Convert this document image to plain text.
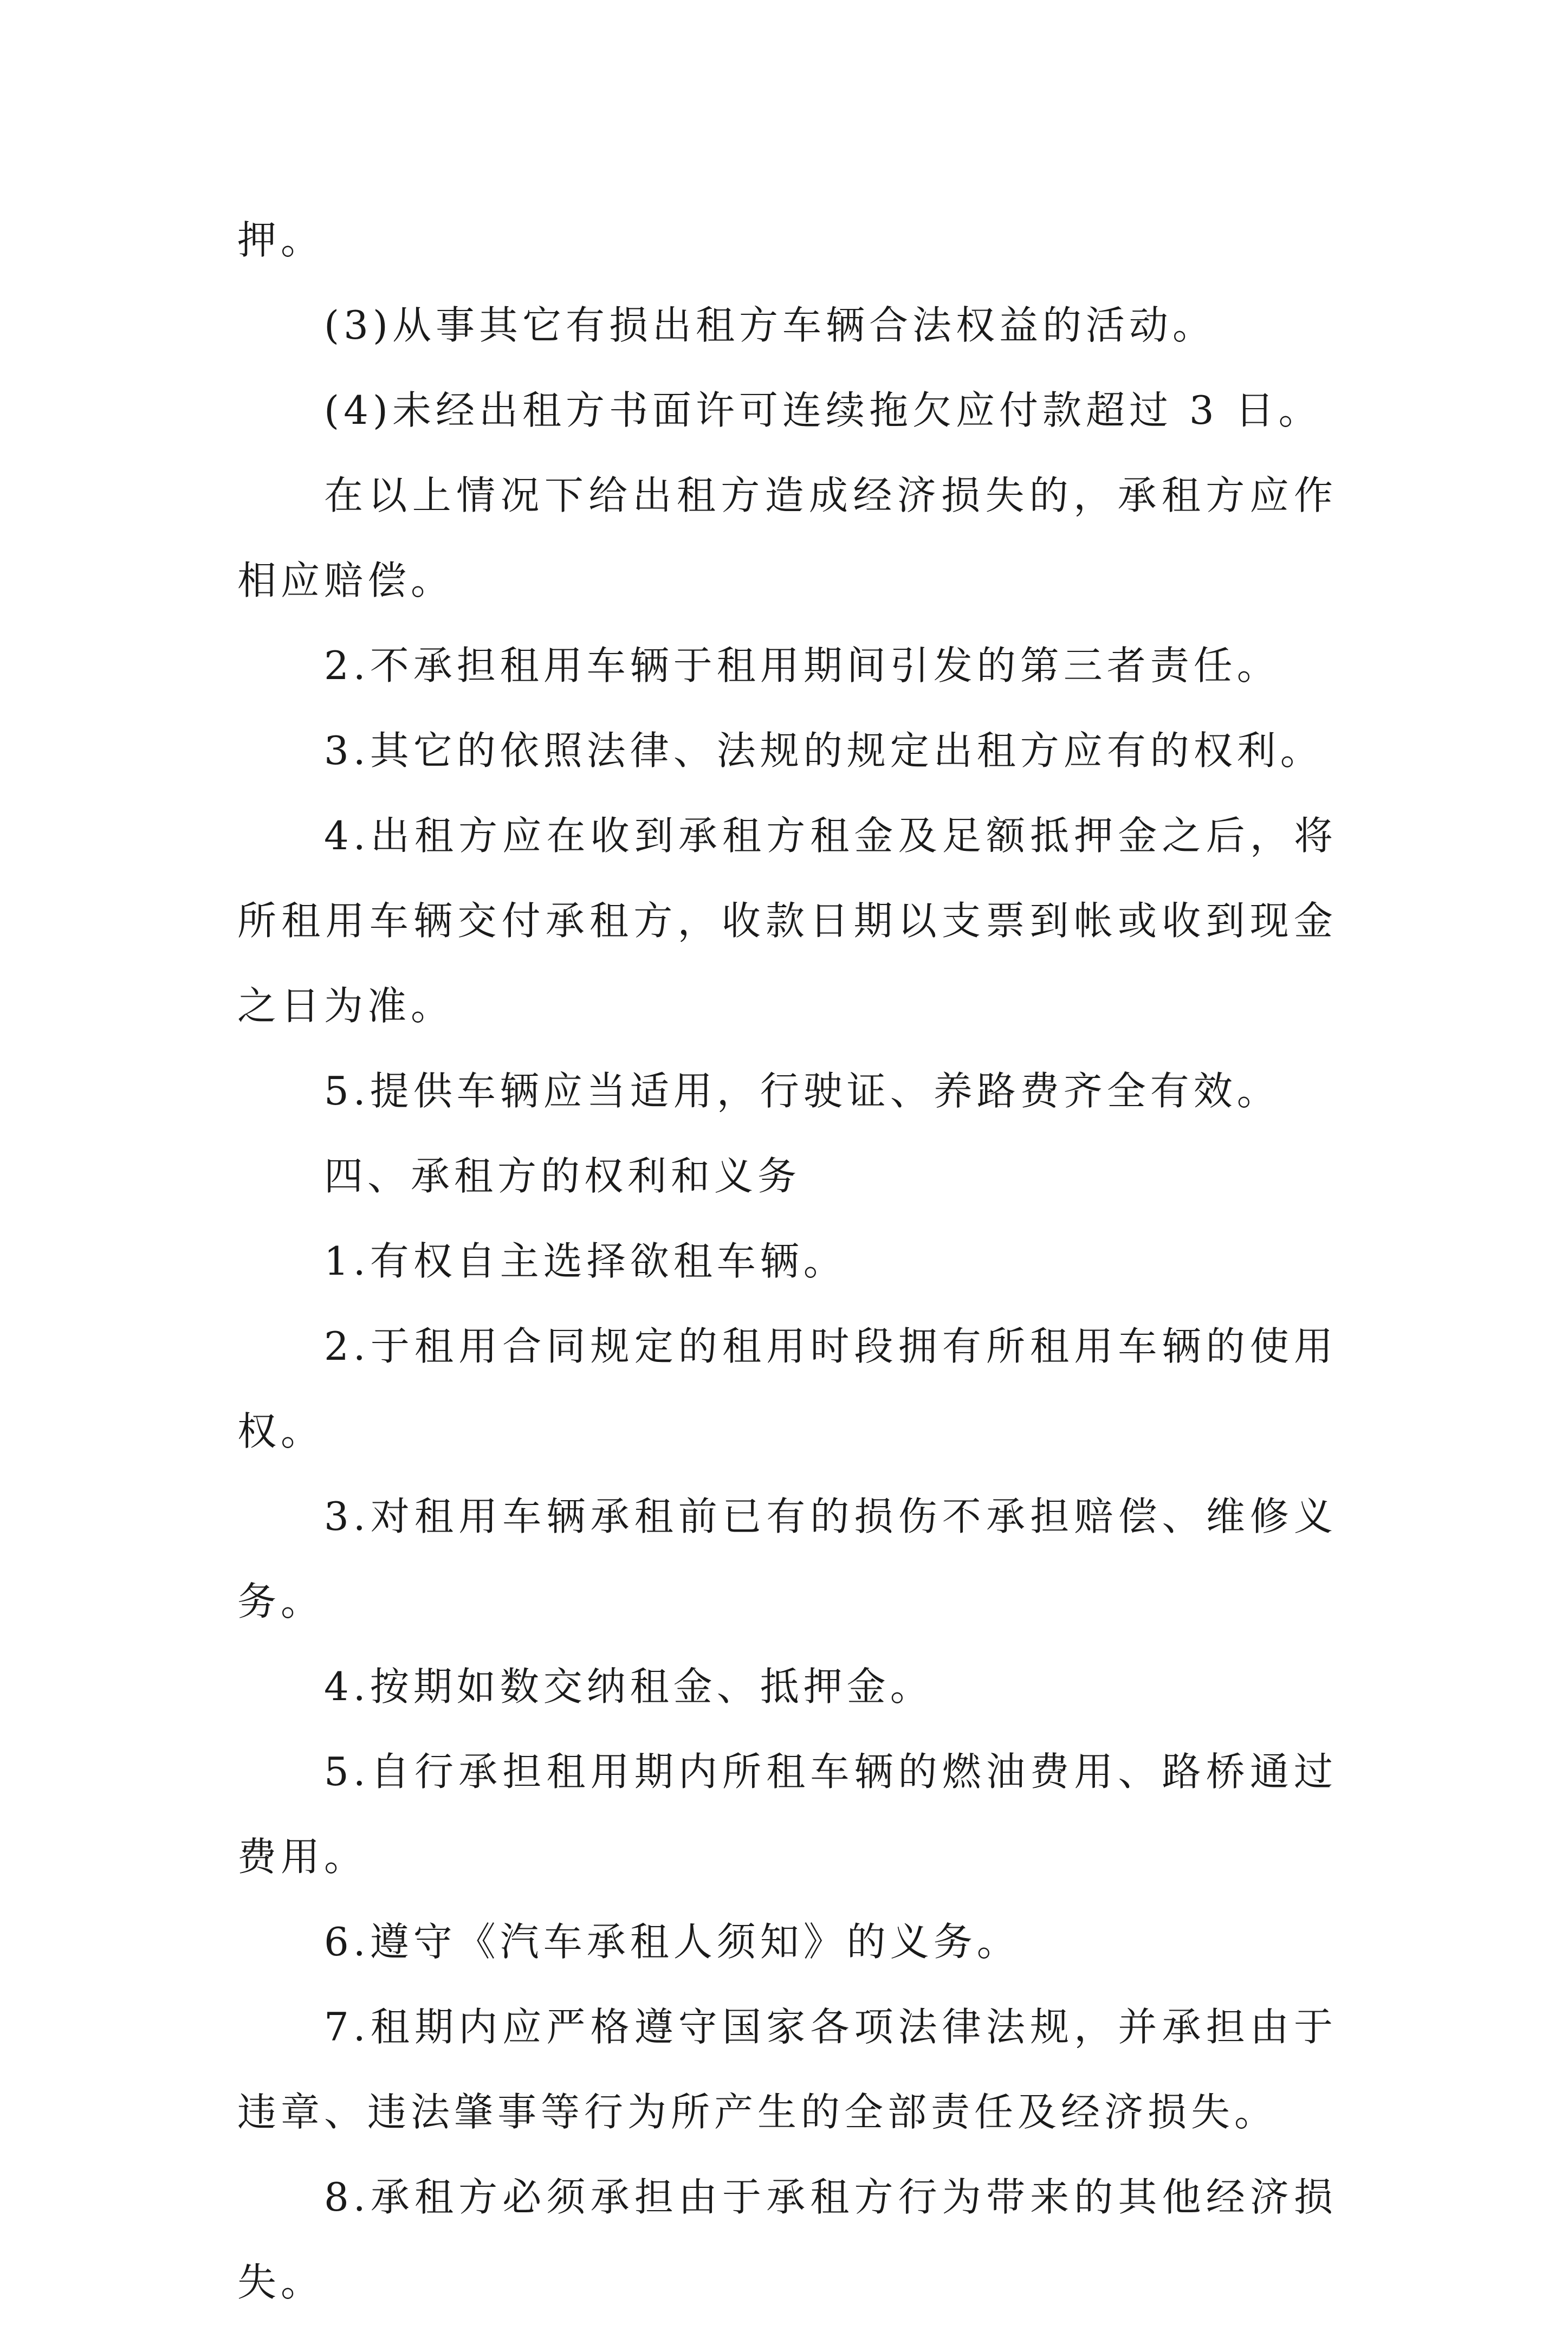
押。

(3)从事其它有损出租方车辆合法权益的活动。

(4)未经出租方书面许可连续拖欠应付款超过 3 日。

在以上情况下给出租方造成经济损失的，承租方应作相应赔偿。

2.不承担租用车辆于租用期间引发的第三者责任。

3.其它的依照法律、法规的规定出租方应有的权利。

4.出租方应在收到承租方租金及足额抵押金之后，将所租用车辆交付承租方，收款日期以支票到帐或收到现金之日为准。

5.提供车辆应当适用，行驶证、养路费齐全有效。

四、承租方的权利和义务

1.有权自主选择欲租车辆。

2.于租用合同规定的租用时段拥有所租用车辆的使用权。

3.对租用车辆承租前已有的损伤不承担赔偿、维修义务。

4.按期如数交纳租金、抵押金。

5.自行承担租用期内所租车辆的燃油费用、路桥通过费用。

6.遵守《汽车承租人须知》的义务。

7.租期内应严格遵守国家各项法律法规，并承担由于违章、违法肇事等行为所产生的全部责任及经济损失。

8.承租方必须承担由于承租方行为带来的其他经济损失。
